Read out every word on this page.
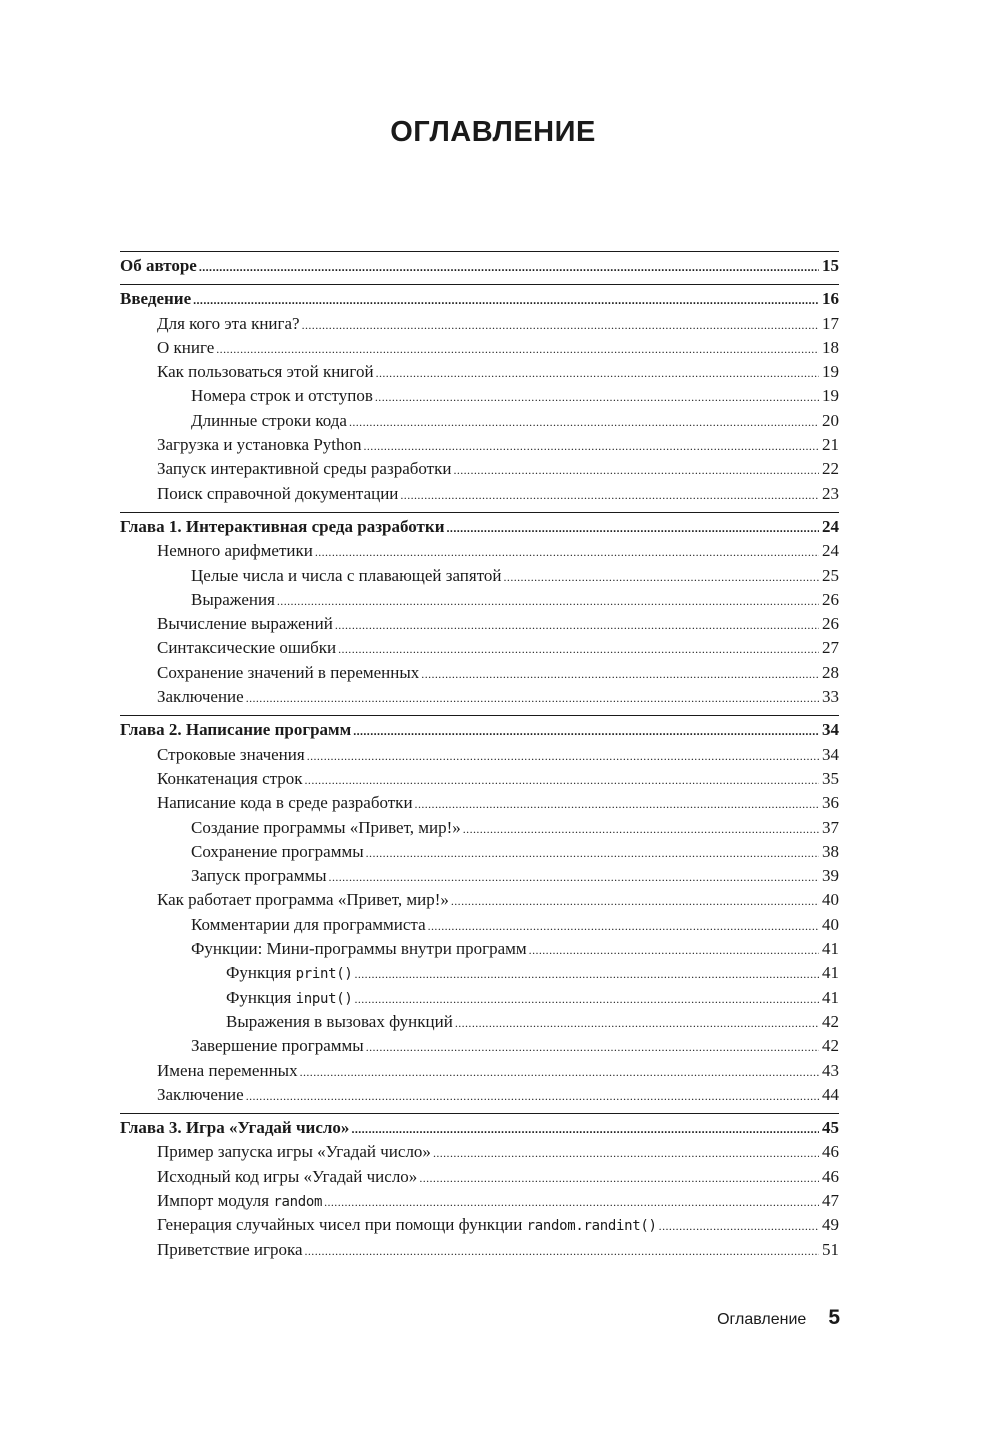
ОГЛАВЛЕНИЕ
Об авторе . . .	15
Введение . . .	16
Для кого эта книга? . . .	17
О книге . . .	18
Как пользоваться этой книгой . . .	19
Номера строк и отступов . . .	19
Длинные строки кода . . .	20
Загрузка и установка Python . . .	21
Запуск интерактивной среды разработки . . .	22
Поиск справочной документации . . .	23
Глава 1. Интерактивная среда разработки . . .	24
Немного арифметики . . .	24
Целые числа и числа с плавающей запятой . . .	25
Выражения . . .	26
Вычисление выражений . . .	26
Синтаксические ошибки . . .	27
Сохранение значений в переменных . . .	28
Заключение . . .	33
Глава 2. Написание программ . . .	34
Строковые значения . . .	34
Конкатенация строк . . .	35
Написание кода в среде разработки . . .	36
Создание программы «Привет, мир!» . . .	37
Сохранение программы . . .	38
Запуск программы . . .	39
Как работает программа «Привет, мир!» . . .	40
Комментарии для программиста . . .	40
Функции: Мини-программы внутри программ . . .	41
Функция print() . . .	41
Функция input() . . .	41
Выражения в вызовах функций . . .	42
Завершение программы . . .	42
Имена переменных . . .	43
Заключение . . .	44
Глава 3. Игра «Угадай число» . . .	45
Пример запуска игры «Угадай число» . . .	46
Исходный код игры «Угадай число» . . .	46
Импорт модуля random . . .	47
Генерация случайных чисел при помощи функции random.randint() . . .	49
Приветствие игрока . . .	51
Оглавление 5
